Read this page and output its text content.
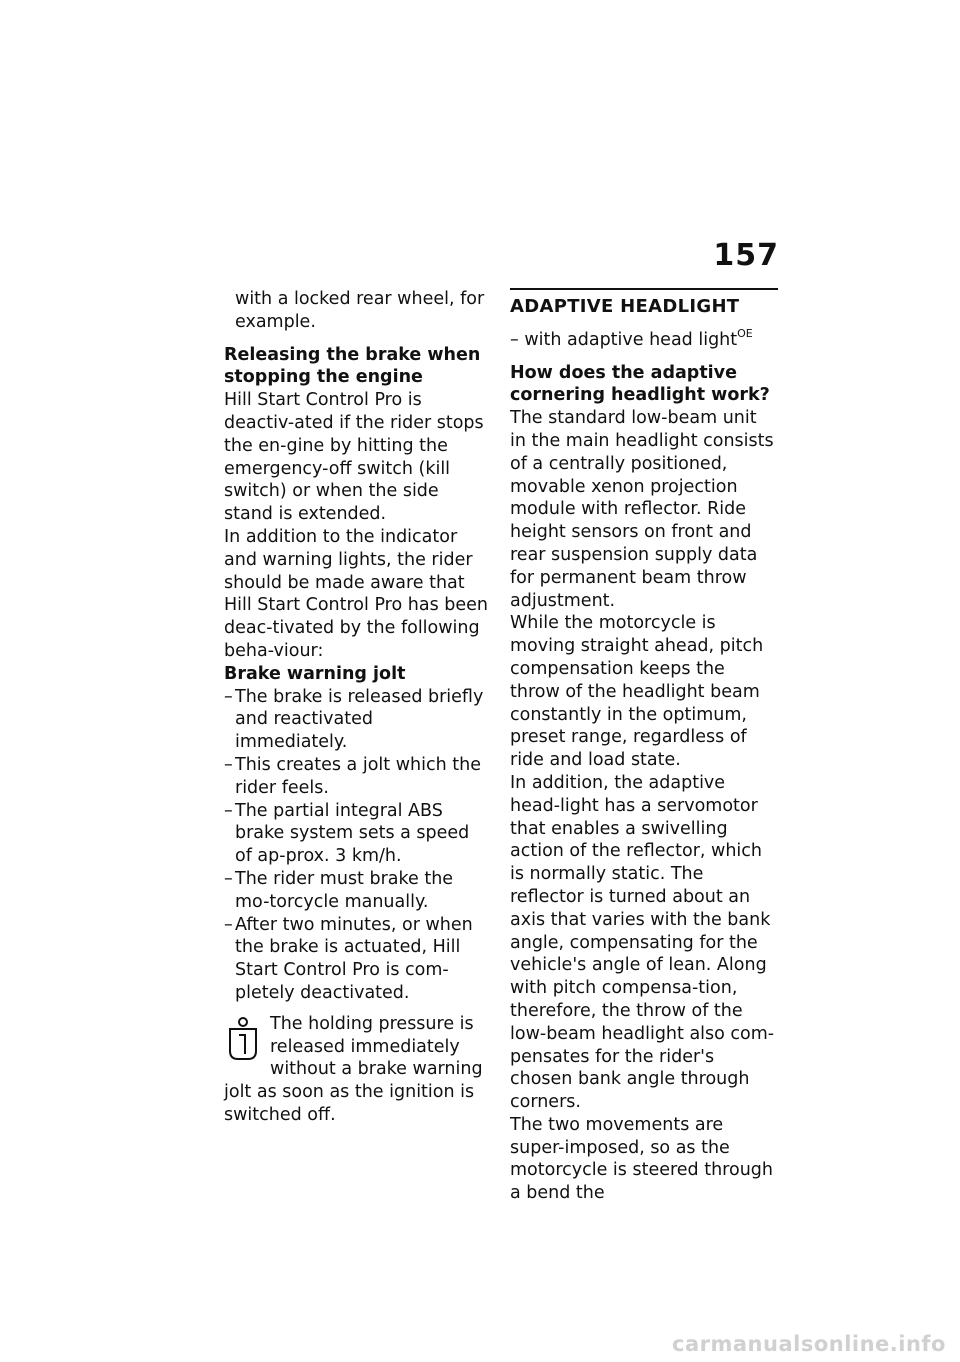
157

with a locked rear wheel, for example.

Releasing the brake when stopping the engine

Hill Start Control Pro is deactiv-ated if the rider stops the en-gine by hitting the emergency-off switch (kill switch) or when the side stand is extended.

In addition to the indicator and warning lights, the rider should be made aware that Hill Start Control Pro has been deac-tivated by the following beha-viour:

Brake warning jolt

– The brake is released briefly and reactivated immediately.
– This creates a jolt which the rider feels.
– The partial integral ABS brake system sets a speed of ap-prox. 3 km/h.
– The rider must brake the mo-torcycle manually.
– After two minutes, or when the brake is actuated, Hill Start Control Pro is com-pletely deactivated.
The holding pressure is released immediately without a brake warning jolt as soon as the ignition is switched off.
ADAPTIVE HEADLIGHT

– with adaptive head light$^{OE}$

How does the adaptive cornering headlight work?

The standard low-beam unit in the main headlight consists of a centrally positioned, movable xenon projection module with reflector. Ride height sensors on front and rear suspension supply data for permanent beam throw adjustment.

While the motorcycle is moving straight ahead, pitch compensation keeps the throw of the headlight beam constantly in the optimum, preset range, regardless of ride and load state.

In addition, the adaptive head-light has a servomotor that enables a swivelling action of the reflector, which is normally static. The reflector is turned about an axis that varies with the bank angle, compensating for the vehicle's angle of lean. Along with pitch compensa-tion, therefore, the throw of the low-beam headlight also com-pensates for the rider's chosen bank angle through corners.

The two movements are super-imposed, so as the motorcycle is steered through a bend the

carmanualsonline.info
